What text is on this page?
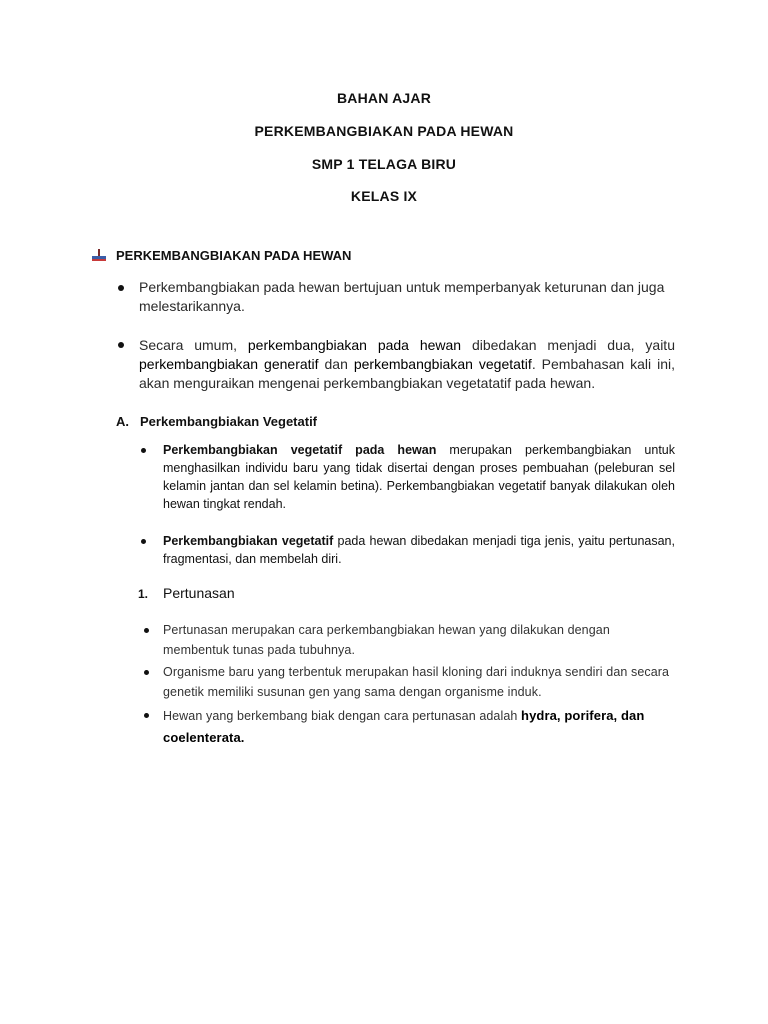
BAHAN AJAR
PERKEMBANGBIAKAN PADA HEWAN
SMP 1 TELAGA BIRU
KELAS IX
PERKEMBANGBIAKAN PADA HEWAN
Perkembangbiakan pada hewan bertujuan untuk memperbanyak keturunan dan juga melestarikannya.
Secara umum, perkembangbiakan pada hewan dibedakan menjadi dua, yaitu perkembangbiakan generatif dan perkembangbiakan vegetatif. Pembahasan kali ini, akan menguraikan mengenai perkembangbiakan vegetatatif pada hewan.
A. Perkembangbiakan Vegetatif
Perkembangbiakan vegetatif pada hewan merupakan perkembangbiakan untuk menghasilkan individu baru yang tidak disertai dengan proses pembuahan (peleburan sel kelamin jantan dan sel kelamin betina). Perkembangbiakan vegetatif banyak dilakukan oleh hewan tingkat rendah.
Perkembangbiakan vegetatif pada hewan dibedakan menjadi tiga jenis, yaitu pertunasan, fragmentasi, dan membelah diri.
1. Pertunasan
Pertunasan merupakan cara perkembangbiakan hewan yang dilakukan dengan membentuk tunas pada tubuhnya.
Organisme baru yang terbentuk merupakan hasil kloning dari induknya sendiri dan secara genetik memiliki susunan gen yang sama dengan organisme induk.
Hewan yang berkembang biak dengan cara pertunasan adalah hydra, porifera, dan coelenterata.
